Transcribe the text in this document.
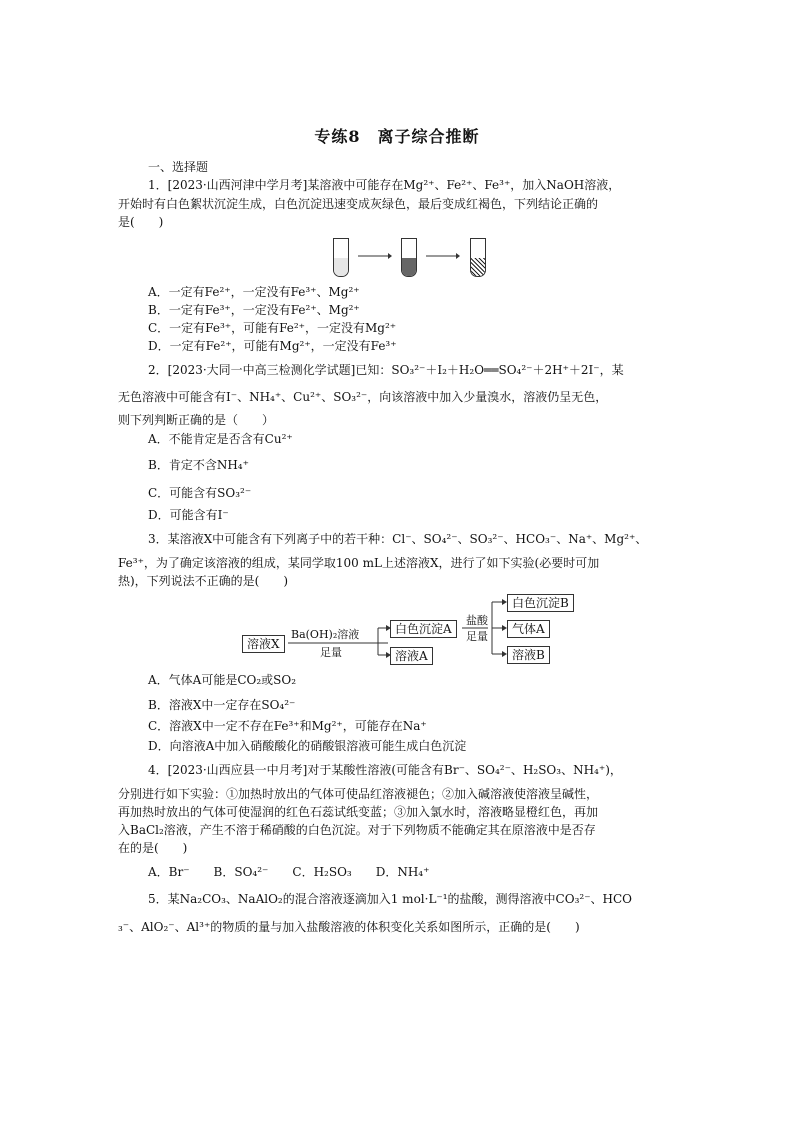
专练8　离子综合推断
一、选择题
1．[2023·山西河津中学月考]某溶液中可能存在Mg²⁺、Fe²⁺、Fe³⁺，加入NaOH溶液，
开始时有白色絮状沉淀生成，白色沉淀迅速变成灰绿色，最后变成红褐色，下列结论正确的
是(　　)
A．一定有Fe²⁺，一定没有Fe³⁺、Mg²⁺
B．一定有Fe³⁺，一定没有Fe²⁺、Mg²⁺
C．一定有Fe³⁺，可能有Fe²⁺，一定没有Mg²⁺
D．一定有Fe²⁺，可能有Mg²⁺，一定没有Fe³⁺
2．[2023·大同一中高三检测化学试题]已知：SO₃²⁻＋I₂＋H₂O══SO₄²⁻＋2H⁺＋2I⁻，某
无色溶液中可能含有I⁻、NH₄⁺、Cu²⁺、SO₃²⁻，向该溶液中加入少量溴水，溶液仍呈无色，
则下列判断正确的是（　　）
A．不能肯定是否含有Cu²⁺
B．肯定不含NH₄⁺
C．可能含有SO₃²⁻
D．可能含有I⁻
3．某溶液X中可能含有下列离子中的若干种：Cl⁻、SO₄²⁻、SO₃²⁻、HCO₃⁻、Na⁺、Mg²⁺、
Fe³⁺，为了确定该溶液的组成，某同学取100 mL上述溶液X，进行了如下实验(必要时可加
热)，下列说法不正确的是(　　)
溶液X
Ba(OH)₂溶液
足量
白色沉淀A
溶液A
盐酸
足量
白色沉淀B
气体A
溶液B
A．气体A可能是CO₂或SO₂
B．溶液X中一定存在SO₄²⁻
C．溶液X中一定不存在Fe³⁺和Mg²⁺，可能存在Na⁺
D．向溶液A中加入硝酸酸化的硝酸银溶液可能生成白色沉淀
4．[2023·山西应县一中月考]对于某酸性溶液(可能含有Br⁻、SO₄²⁻、H₂SO₃、NH₄⁺)，
分别进行如下实验：①加热时放出的气体可使品红溶液褪色；②加入碱溶液使溶液呈碱性，
再加热时放出的气体可使湿润的红色石蕊试纸变蓝；③加入氯水时，溶液略显橙红色，再加
入BaCl₂溶液，产生不溶于稀硝酸的白色沉淀。对于下列物质不能确定其在原溶液中是否存
在的是(　　)
A．Br⁻　　B．SO₄²⁻　　C．H₂SO₃　　D．NH₄⁺
5．某Na₂CO₃、NaAlO₂的混合溶液逐滴加入1 mol·L⁻¹的盐酸，测得溶液中CO₃²⁻、HCO
₃⁻、AlO₂⁻、Al³⁺的物质的量与加入盐酸溶液的体积变化关系如图所示，正确的是(　　)
